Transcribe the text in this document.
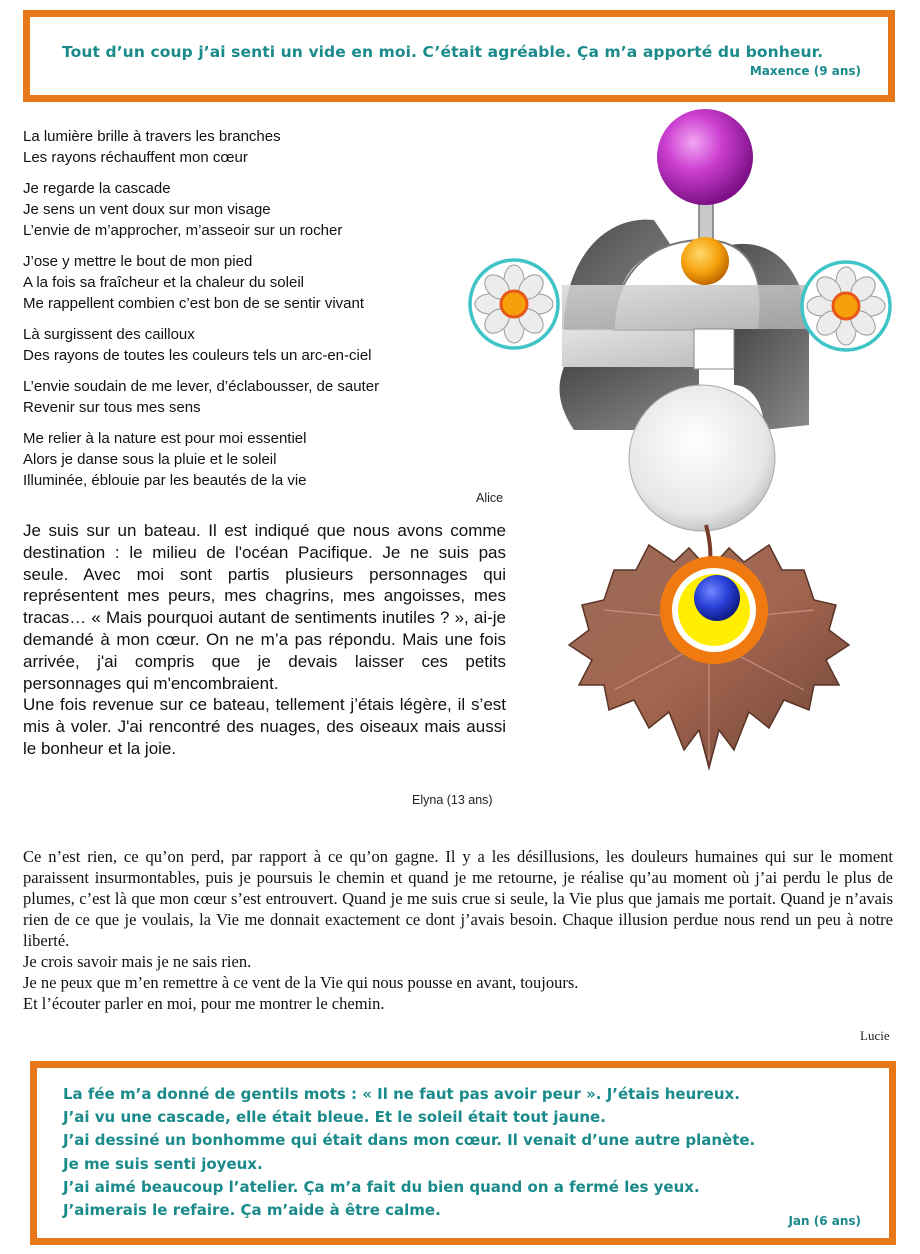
Tout d’un coup j’ai senti un vide en moi. C’était agréable. Ça m’a apporté du bonheur.
Maxence (9 ans)
La lumière brille à travers les branches
Les rayons réchauffent mon cœur
Je regarde la cascade
Je sens un vent doux sur mon visage
L’envie de m’approcher, m’asseoir sur un rocher
J’ose y mettre le bout de mon pied
A la fois sa fraîcheur et la chaleur du soleil
Me rappellent combien c’est bon de se sentir vivant
Là surgissent des cailloux
Des rayons de toutes les couleurs tels un arc-en-ciel
L’envie soudain de me lever, d’éclabousser, de sauter
Revenir sur tous mes sens
Me relier à la nature est pour moi essentiel
Alors je danse sous la pluie et le soleil
Illuminée, éblouie par les beautés de la vie
Alice

Je suis sur un bateau. Il est indiqué que nous avons comme destination : le milieu de l'océan Pacifique. Je ne suis pas seule. Avec moi sont partis plusieurs personnages qui représentent mes peurs, mes chagrins, mes angoisses, mes tracas… « Mais pourquoi autant de sentiments inutiles ? », ai-je demandé à mon cœur. On ne m’a pas répondu. Mais une fois arrivée, j'ai compris que je devais laisser ces petits personnages qui m'encombraient.

Une fois revenue sur ce bateau, tellement j’étais légère, il s’est mis à voler. J'ai rencontré des nuages, des oiseaux mais aussi le bonheur et la joie.

Elyna (13 ans)

Ce n’est rien, ce qu’on perd, par rapport à ce qu’on gagne. Il y a les désillusions, les douleurs humaines qui sur le moment paraissent insurmontables, puis je poursuis le chemin et quand je me retourne, je réalise qu’au moment où j’ai perdu le plus de plumes, c’est là que mon cœur s’est entrouvert. Quand je me suis crue si seule, la Vie plus que jamais me portait. Quand je n’avais rien de ce que je voulais, la Vie me donnait exactement ce dont j’avais besoin. Chaque illusion perdue nous rend un peu à notre liberté.

Je crois savoir mais je ne sais rien.

Je ne peux que m’en remettre à ce vent de la Vie qui nous pousse en avant, toujours.

Et l’écouter parler en moi, pour me montrer le chemin.

Lucie
La fée m’a donné de gentils mots : « Il ne faut pas avoir peur ». J’étais heureux.
J’ai vu une cascade, elle était bleue. Et le soleil était tout jaune.
J’ai dessiné un bonhomme qui était dans mon cœur. Il venait d’une autre planète.
Je me suis senti joyeux.
J’ai aimé beaucoup l’atelier. Ça m’a fait du bien quand on a fermé les yeux.
J’aimerais le refaire. Ça m’aide à être calme.
Jan (6 ans)
